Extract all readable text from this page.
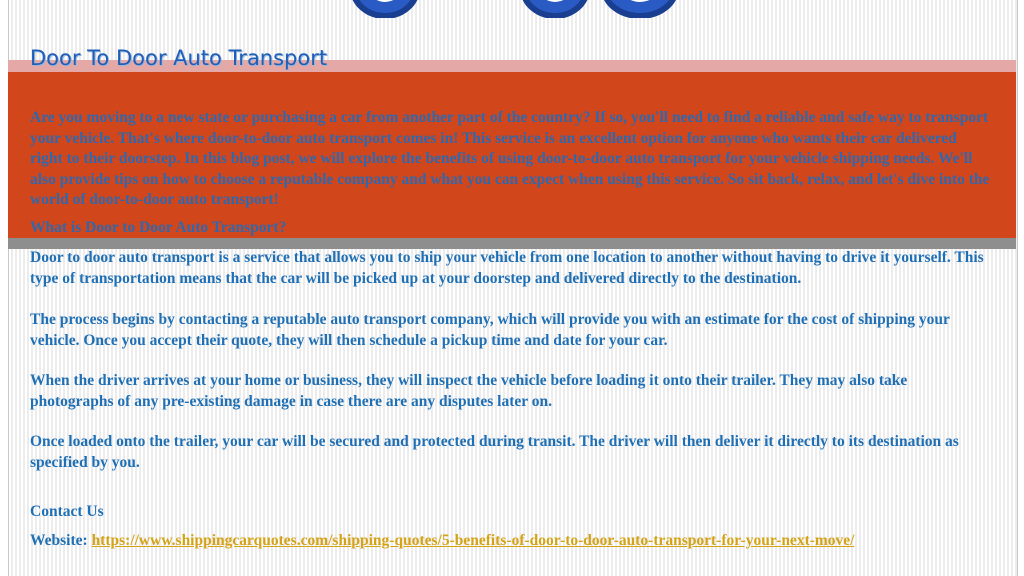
Door To Door Auto Transport

Are you moving to a new state or purchasing a car from another part of the country? If so, you'll need to find a reliable and safe way to transport your vehicle. That's where door-to-door auto transport comes in! This service is an excellent option for anyone who wants their car delivered right to their doorstep. In this blog post, we will explore the benefits of using door-to-door auto transport for your vehicle shipping needs. We'll also provide tips on how to choose a reputable company and what you can expect when using this service. So sit back, relax, and let's dive into the world of door-to-door auto transport!

What is Door to Door Auto Transport?

Door to door auto transport is a service that allows you to ship your vehicle from one location to another without having to drive it yourself. This type of transportation means that the car will be picked up at your doorstep and delivered directly to the destination.

The process begins by contacting a reputable auto transport company, which will provide you with an estimate for the cost of shipping your vehicle. Once you accept their quote, they will then schedule a pickup time and date for your car.

When the driver arrives at your home or business, they will inspect the vehicle before loading it onto their trailer. They may also take photographs of any pre-existing damage in case there are any disputes later on.

Once loaded onto the trailer, your car will be secured and protected during transit. The driver will then deliver it directly to its destination as specified by you.

Contact Us

Website: https://www.shippingcarquotes.com/shipping-quotes/5-benefits-of-door-to-door-auto-transport-for-your-next-move/
